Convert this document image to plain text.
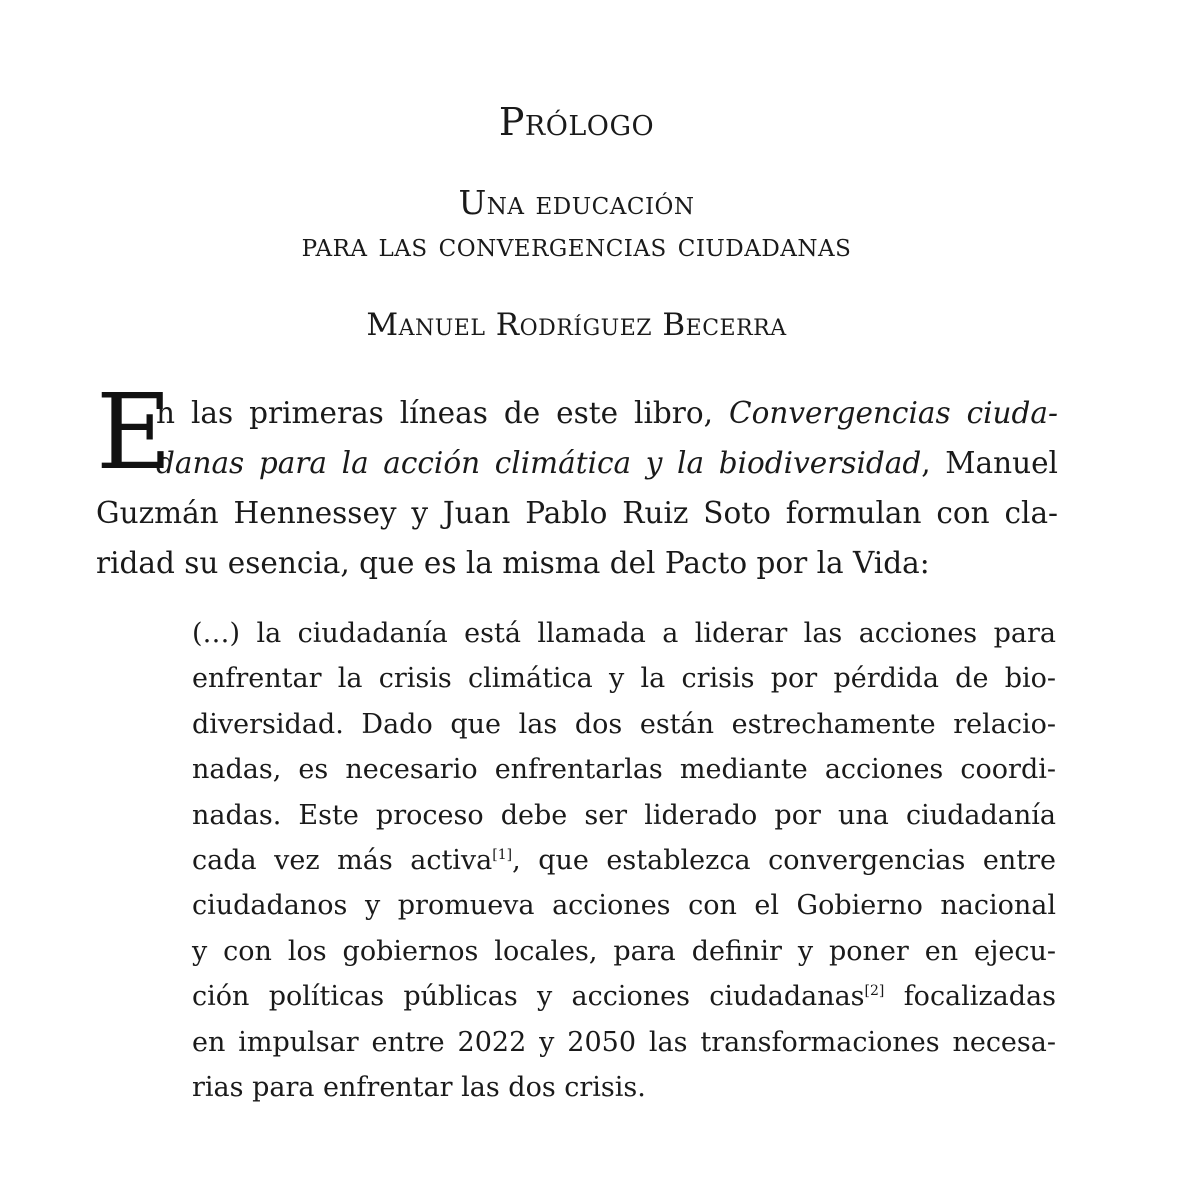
Prólogo
Una educación
para las convergencias ciudadanas
Manuel Rodríguez Becerra
E
n las primeras líneas de este libro, Convergencias ciuda-
danas para la acción climática y la biodiversidad, Manuel
Guzmán Hennessey y Juan Pablo Ruiz Soto formulan con cla-
ridad su esencia, que es la misma del Pacto por la Vida:
(…) la ciudadanía está llamada a liderar las acciones para
enfrentar la crisis climática y la crisis por pérdida de bio-
diversidad. Dado que las dos están estrechamente relacio-
nadas, es necesario enfrentarlas mediante acciones coordi-
nadas. Este proceso debe ser liderado por una ciudadanía
cada vez más activa[1], que establezca convergencias entre
ciudadanos y promueva acciones con el Gobierno nacional
y con los gobiernos locales, para definir y poner en ejecu-
ción políticas públicas y acciones ciudadanas[2] focalizadas
en impulsar entre 2022 y 2050 las transformaciones necesa-
rias para enfrentar las dos crisis.
